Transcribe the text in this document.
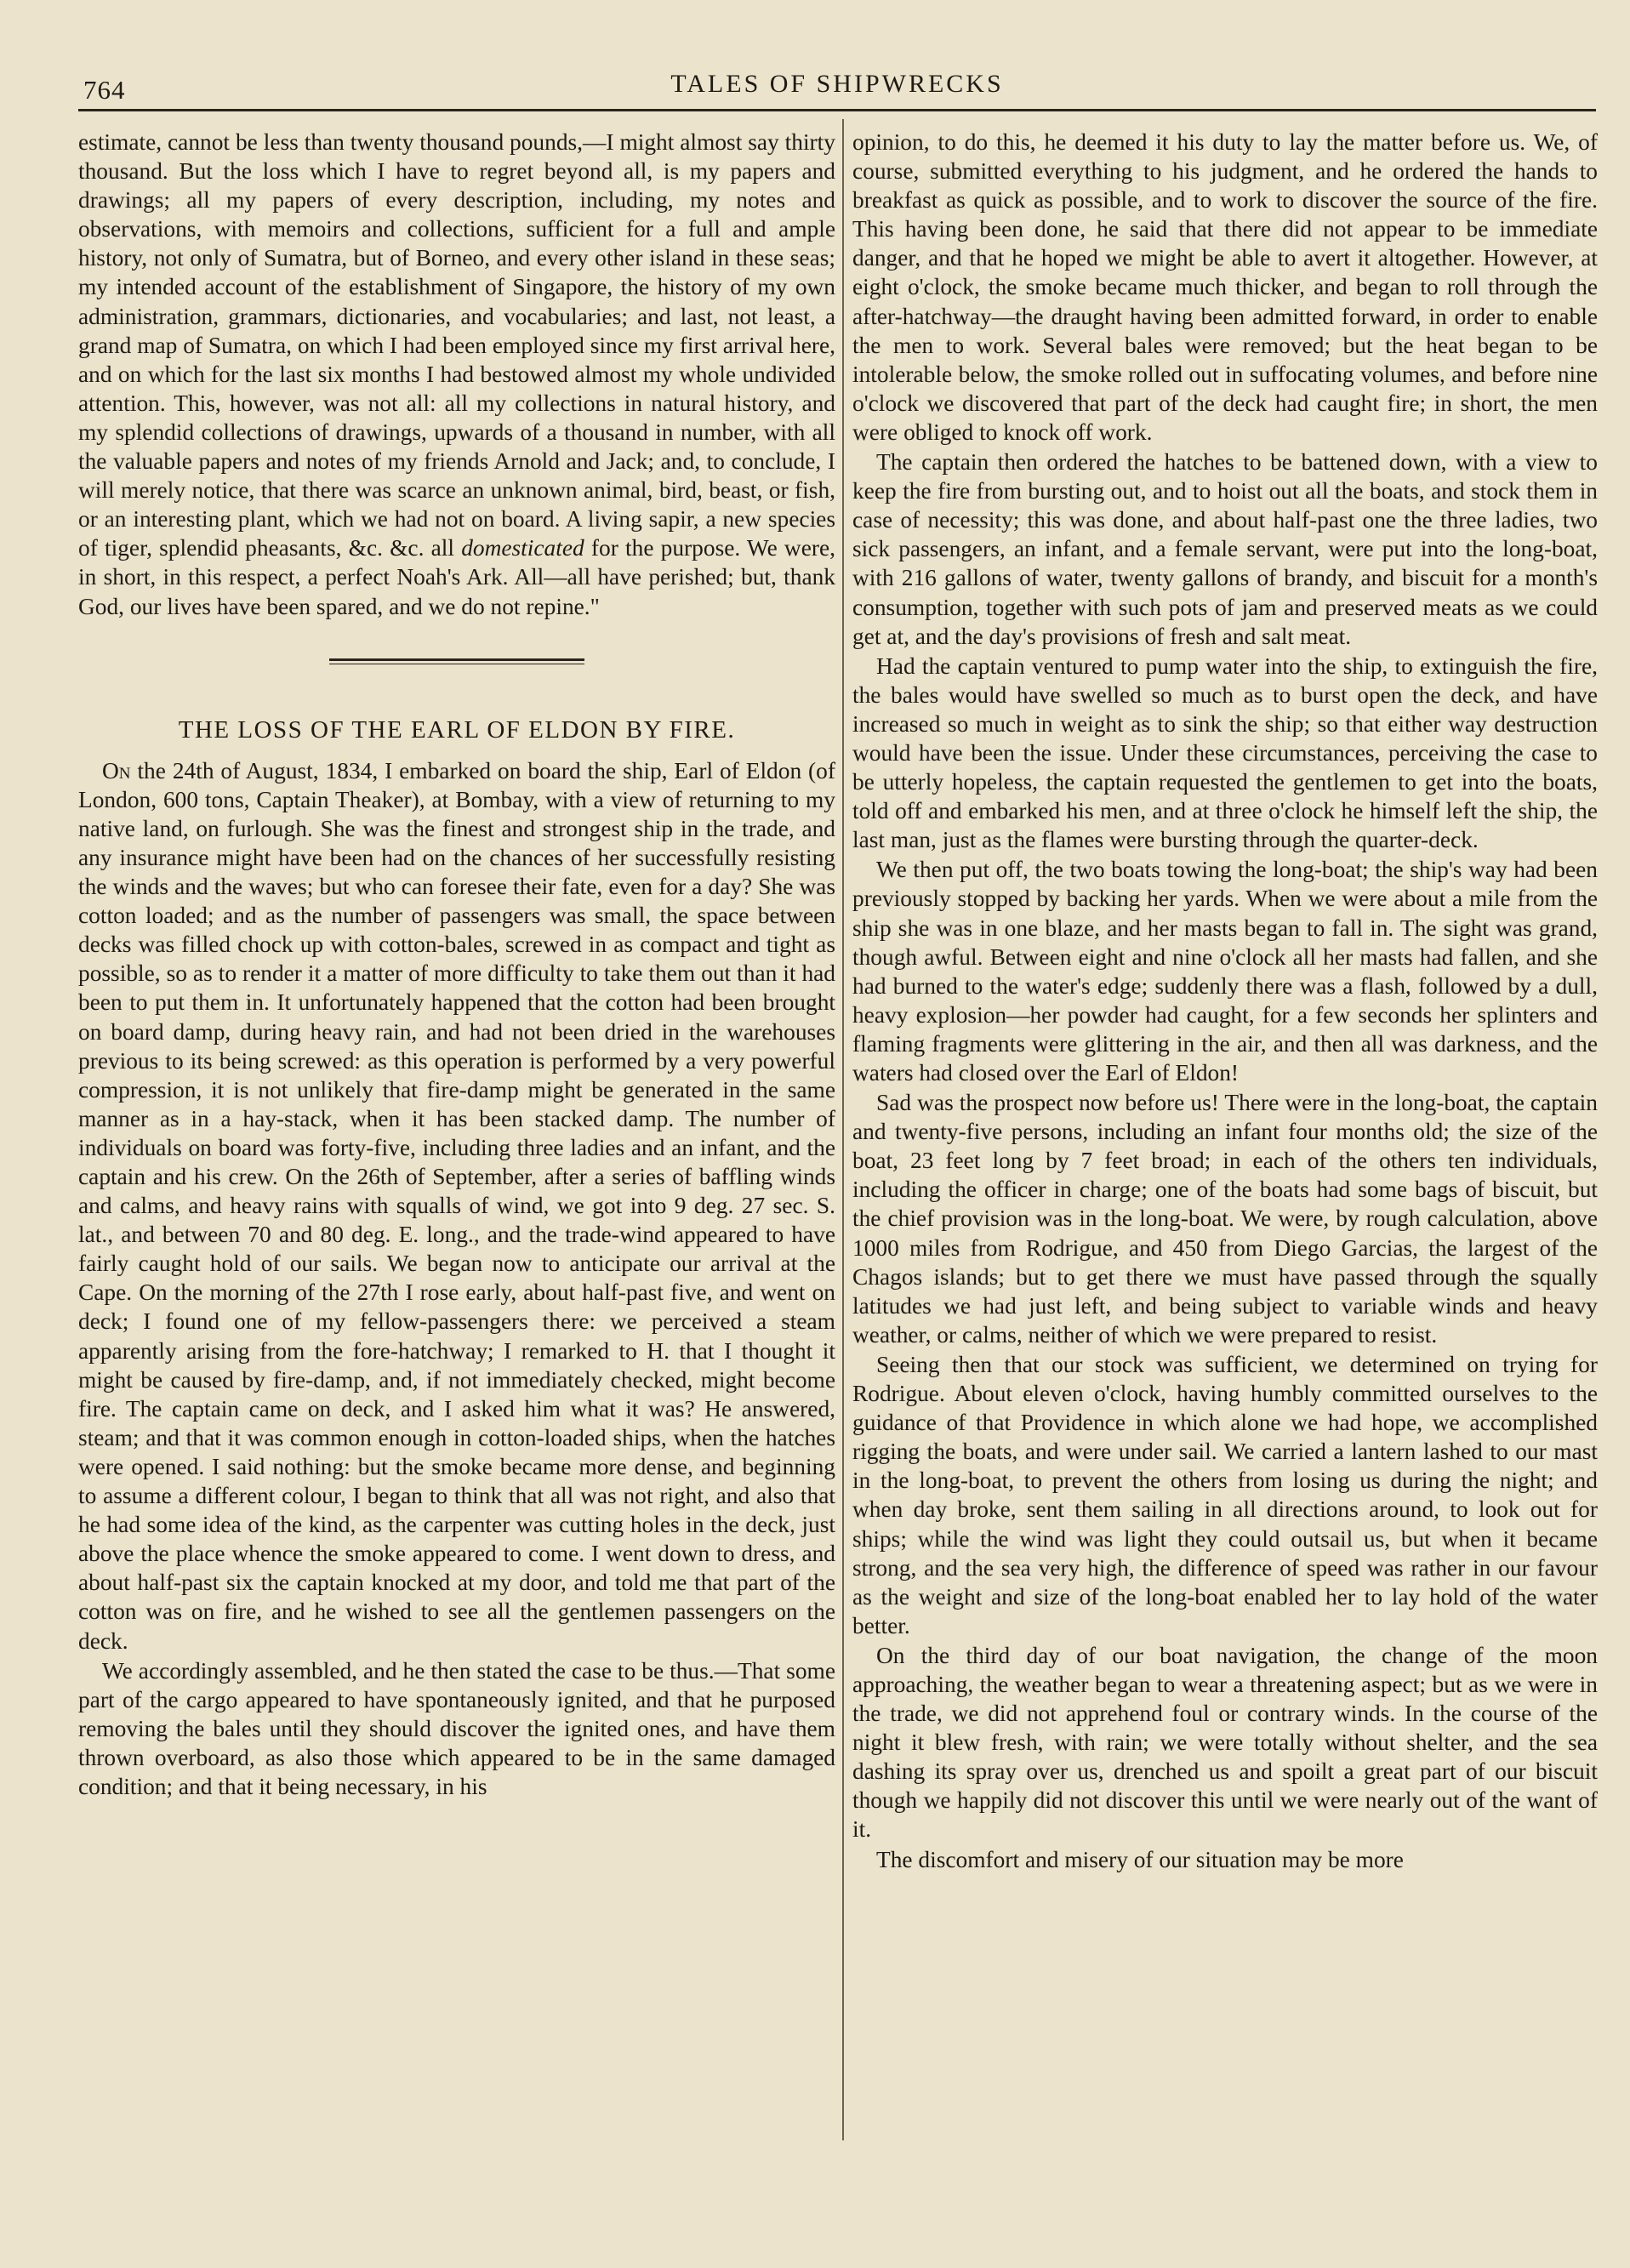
764	TALES OF SHIPWRECKS

estimate, cannot be less than twenty thousand pounds,—I might almost say thirty thousand. But the loss which I have to regret beyond all, is my papers and drawings; all my papers of every description, including, my notes and observations, with memoirs and collections, sufficient for a full and ample history, not only of Sumatra, but of Borneo, and every other island in these seas; my intended account of the establishment of Singapore, the history of my own administration, grammars, dictionaries, and vocabularies; and last, not least, a grand map of Sumatra, on which I had been employed since my first arrival here, and on which for the last six months I had bestowed almost my whole undivided attention. This, however, was not all: all my collections in natural history, and my splendid collections of drawings, upwards of a thousand in number, with all the valuable papers and notes of my friends Arnold and Jack; and, to conclude, I will merely notice, that there was scarce an unknown animal, bird, beast, or fish, or an interesting plant, which we had not on board. A living sapir, a new species of tiger, splendid pheasants, &c. &c. all domesticated for the purpose. We were, in short, in this respect, a perfect Noah's Ark. All—all have perished; but, thank God, our lives have been spared, and we do not repine."

THE LOSS OF THE EARL OF ELDON BY FIRE.

On the 24th of August, 1834, I embarked on board the ship, Earl of Eldon (of London, 600 tons, Captain Theaker), at Bombay, with a view of returning to my native land, on furlough. She was the finest and strongest ship in the trade, and any insurance might have been had on the chances of her successfully resisting the winds and the waves; but who can foresee their fate, even for a day? She was cotton loaded; and as the number of passengers was small, the space between decks was filled chock up with cotton-bales, screwed in as compact and tight as possible, so as to render it a matter of more difficulty to take them out than it had been to put them in. It unfortunately happened that the cotton had been brought on board damp, during heavy rain, and had not been dried in the warehouses previous to its being screwed: as this operation is performed by a very powerful compression, it is not unlikely that fire-damp might be generated in the same manner as in a hay-stack, when it has been stacked damp. The number of individuals on board was forty-five, including three ladies and an infant, and the captain and his crew. On the 26th of September, after a series of baffling winds and calms, and heavy rains with squalls of wind, we got into 9 deg. 27 sec. S. lat., and between 70 and 80 deg. E. long., and the trade-wind appeared to have fairly caught hold of our sails. We began now to anticipate our arrival at the Cape. On the morning of the 27th I rose early, about half-past five, and went on deck; I found one of my fellow-passengers there: we perceived a steam apparently arising from the fore-hatchway; I remarked to H. that I thought it might be caused by fire-damp, and, if not immediately checked, might become fire. The captain came on deck, and I asked him what it was? He answered, steam; and that it was common enough in cotton-loaded ships, when the hatches were opened. I said nothing: but the smoke became more dense, and beginning to assume a different colour, I began to think that all was not right, and also that he had some idea of the kind, as the carpenter was cutting holes in the deck, just above the place whence the smoke appeared to come. I went down to dress, and about half-past six the captain knocked at my door, and told me that part of the cotton was on fire, and he wished to see all the gentlemen passengers on the deck.

We accordingly assembled, and he then stated the case to be thus.—That some part of the cargo appeared to have spontaneously ignited, and that he purposed removing the bales until they should discover the ignited ones, and have them thrown overboard, as also those which appeared to be in the same damaged condition; and that it being necessary, in his

opinion, to do this, he deemed it his duty to lay the matter before us. We, of course, submitted everything to his judgment, and he ordered the hands to breakfast as quick as possible, and to work to discover the source of the fire. This having been done, he said that there did not appear to be immediate danger, and that he hoped we might be able to avert it altogether. However, at eight o'clock, the smoke became much thicker, and began to roll through the after-hatchway—the draught having been admitted forward, in order to enable the men to work. Several bales were removed; but the heat began to be intolerable below, the smoke rolled out in suffocating volumes, and before nine o'clock we discovered that part of the deck had caught fire; in short, the men were obliged to knock off work.

The captain then ordered the hatches to be battened down, with a view to keep the fire from bursting out, and to hoist out all the boats, and stock them in case of necessity; this was done, and about half-past one the three ladies, two sick passengers, an infant, and a female servant, were put into the long-boat, with 216 gallons of water, twenty gallons of brandy, and biscuit for a month's consumption, together with such pots of jam and preserved meats as we could get at, and the day's provisions of fresh and salt meat.

Had the captain ventured to pump water into the ship, to extinguish the fire, the bales would have swelled so much as to burst open the deck, and have increased so much in weight as to sink the ship; so that either way destruction would have been the issue. Under these circumstances, perceiving the case to be utterly hopeless, the captain requested the gentlemen to get into the boats, told off and embarked his men, and at three o'clock he himself left the ship, the last man, just as the flames were bursting through the quarter-deck.

We then put off, the two boats towing the long-boat; the ship's way had been previously stopped by backing her yards. When we were about a mile from the ship she was in one blaze, and her masts began to fall in. The sight was grand, though awful. Between eight and nine o'clock all her masts had fallen, and she had burned to the water's edge; suddenly there was a flash, followed by a dull, heavy explosion—her powder had caught, for a few seconds her splinters and flaming fragments were glittering in the air, and then all was darkness, and the waters had closed over the Earl of Eldon!

Sad was the prospect now before us! There were in the long-boat, the captain and twenty-five persons, including an infant four months old; the size of the boat, 23 feet long by 7 feet broad; in each of the others ten individuals, including the officer in charge; one of the boats had some bags of biscuit, but the chief provision was in the long-boat. We were, by rough calculation, above 1000 miles from Rodrigue, and 450 from Diego Garcias, the largest of the Chagos islands; but to get there we must have passed through the squally latitudes we had just left, and being subject to variable winds and heavy weather, or calms, neither of which we were prepared to resist.

Seeing then that our stock was sufficient, we determined on trying for Rodrigue. About eleven o'clock, having humbly committed ourselves to the guidance of that Providence in which alone we had hope, we accomplished rigging the boats, and were under sail. We carried a lantern lashed to our mast in the long-boat, to prevent the others from losing us during the night; and when day broke, sent them sailing in all directions around, to look out for ships; while the wind was light they could outsail us, but when it became strong, and the sea very high, the difference of speed was rather in our favour as the weight and size of the long-boat enabled her to lay hold of the water better.

On the third day of our boat navigation, the change of the moon approaching, the weather began to wear a threatening aspect; but as we were in the trade, we did not apprehend foul or contrary winds. In the course of the night it blew fresh, with rain; we were totally without shelter, and the sea dashing its spray over us, drenched us and spoilt a great part of our biscuit though we happily did not discover this until we were nearly out of the want of it.

The discomfort and misery of our situation may be more
